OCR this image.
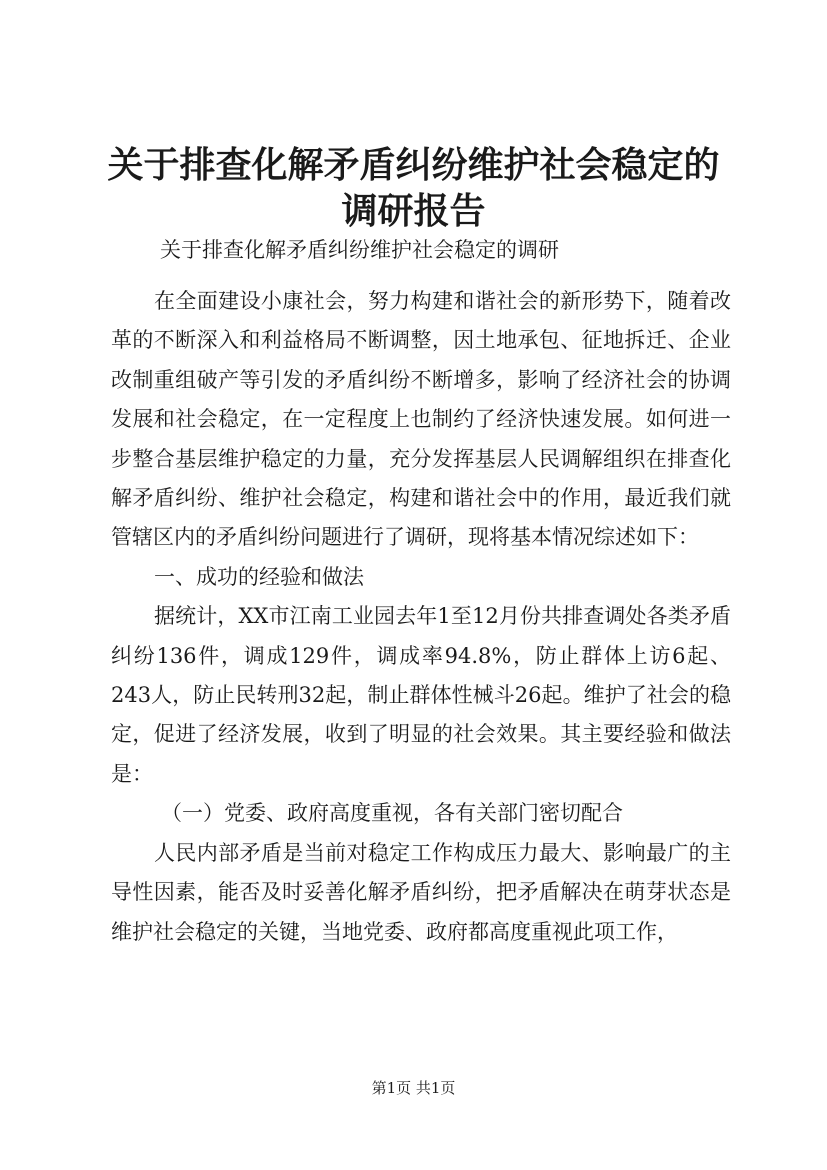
关于排查化解矛盾纠纷维护社会稳定的调研报告
关于排查化解矛盾纠纷维护社会稳定的调研

在全面建设小康社会，努力构建和谐社会的新形势下，随着改革的不断深入和利益格局不断调整，因土地承包、征地拆迁、企业改制重组破产等引发的矛盾纠纷不断增多，影响了经济社会的协调发展和社会稳定，在一定程度上也制约了经济快速发展。如何进一步整合基层维护稳定的力量，充分发挥基层人民调解组织在排查化解矛盾纠纷、维护社会稳定，构建和谐社会中的作用，最近我们就管辖区内的矛盾纠纷问题进行了调研，现将基本情况综述如下：

一、成功的经验和做法

据统计，XX市江南工业园去年1至12月份共排查调处各类矛盾纠纷136件，调成129件，调成率94.8%，防止群体上访6起、243人，防止民转刑32起，制止群体性械斗26起。维护了社会的稳定，促进了经济发展，收到了明显的社会效果。其主要经验和做法是：

（一）党委、政府高度重视，各有关部门密切配合

人民内部矛盾是当前对稳定工作构成压力最大、影响最广的主导性因素，能否及时妥善化解矛盾纠纷，把矛盾解决在萌芽状态是维护社会稳定的关键，当地党委、政府都高度重视此项工作，

第1页 共1页
